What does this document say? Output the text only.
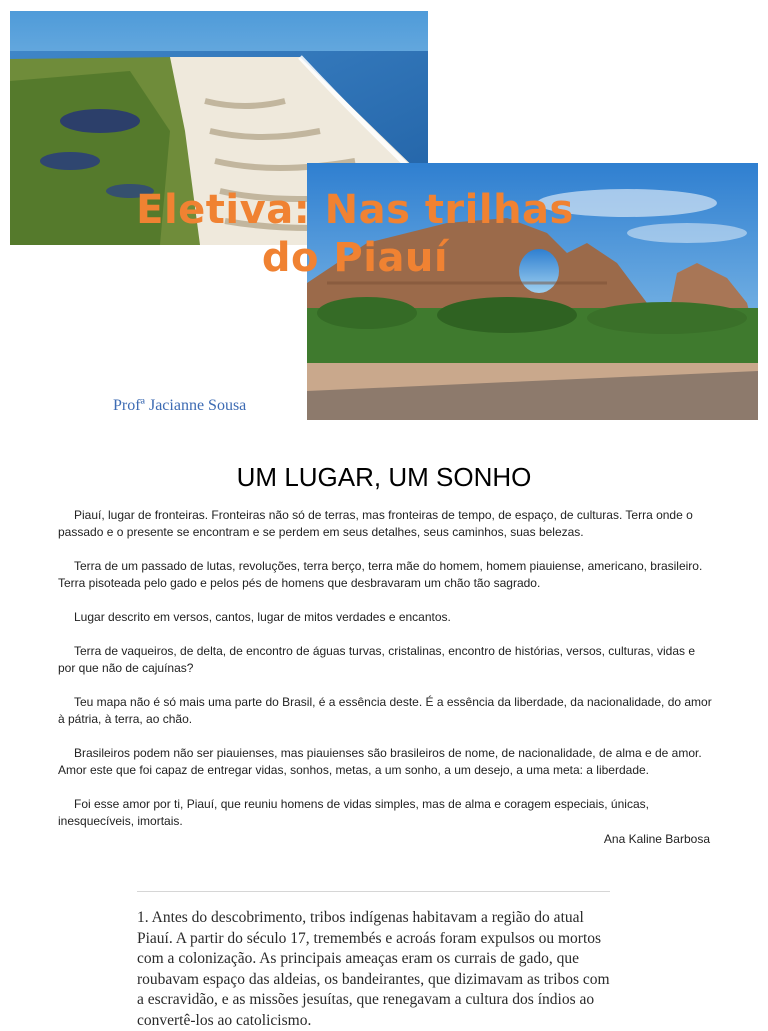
Eletiva: Nas trilhas
do Piauí
Profª Jacianne Sousa
UM LUGAR, UM SONHO

Piauí, lugar de fronteiras. Fronteiras não só de terras, mas fronteiras de tempo, de espaço, de culturas. Terra onde o passado e o presente se encontram e se perdem em seus detalhes, seus caminhos, suas belezas.

Terra de um passado de lutas, revoluções, terra berço, terra mãe do homem, homem piauiense, americano, brasileiro. Terra pisoteada pelo gado e pelos pés de homens que desbravaram um chão tão sagrado.

Lugar descrito em versos, cantos, lugar de mitos verdades e encantos.

Terra de vaqueiros, de delta, de encontro de águas turvas, cristalinas, encontro de histórias, versos, culturas, vidas e por que não de cajuínas?

Teu mapa não é só mais uma parte do Brasil, é a essência deste. É a essência da liberdade, da nacionalidade, do amor à pátria, à terra, ao chão.

Brasileiros podem não ser piauienses, mas piauienses são brasileiros de nome, de nacionalidade, de alma e de amor. Amor este que foi capaz de entregar vidas, sonhos, metas, a um sonho, a um desejo, a uma meta: a liberdade.

Foi esse amor por ti, Piauí, que reuniu homens de vidas simples, mas de alma e coragem especiais, únicas, inesquecíveis, imortais.

Ana Kaline Barbosa

1. Antes do descobrimento, tribos indígenas habitavam a região do atual Piauí. A partir do século 17, tremembés e acroás foram expulsos ou mortos com a colonização. As principais ameaças eram os currais de gado, que roubavam espaço das aldeias, os bandeirantes, que dizimavam as tribos com a escravidão, e as missões jesuítas, que renegavam a cultura dos índios ao convertê-los ao catolicismo.
